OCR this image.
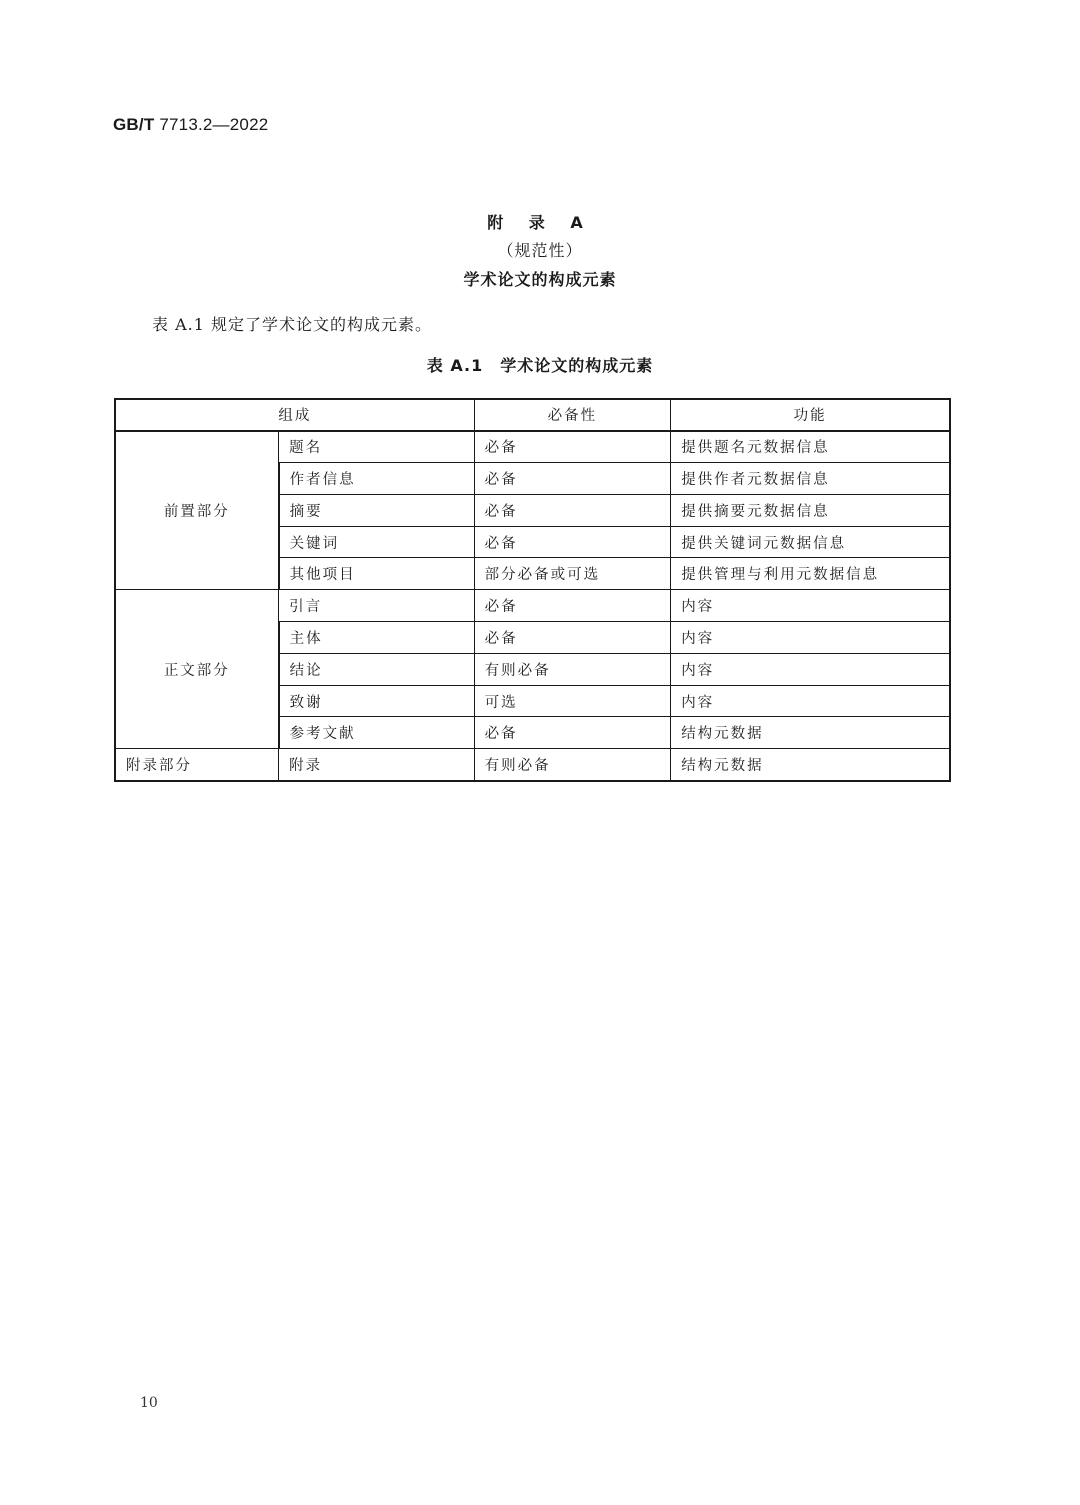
GB/T 7713.2—2022
附 录 A
（规范性）
学术论文的构成元素
表 A.1 规定了学术论文的构成元素。
表 A.1　学术论文的构成元素
组成		必备性	功能
前置部分	题名	必备	提供题名元数据信息
	作者信息	必备	提供作者元数据信息
	摘要	必备	提供摘要元数据信息
	关键词	必备	提供关键词元数据信息
	其他项目	部分必备或可选	提供管理与利用元数据信息
正文部分	引言	必备	内容
	主体	必备	内容
	结论	有则必备	内容
	致谢	可选	内容
	参考文献	必备	结构元数据
附录部分	附录	有则必备	结构元数据
10
